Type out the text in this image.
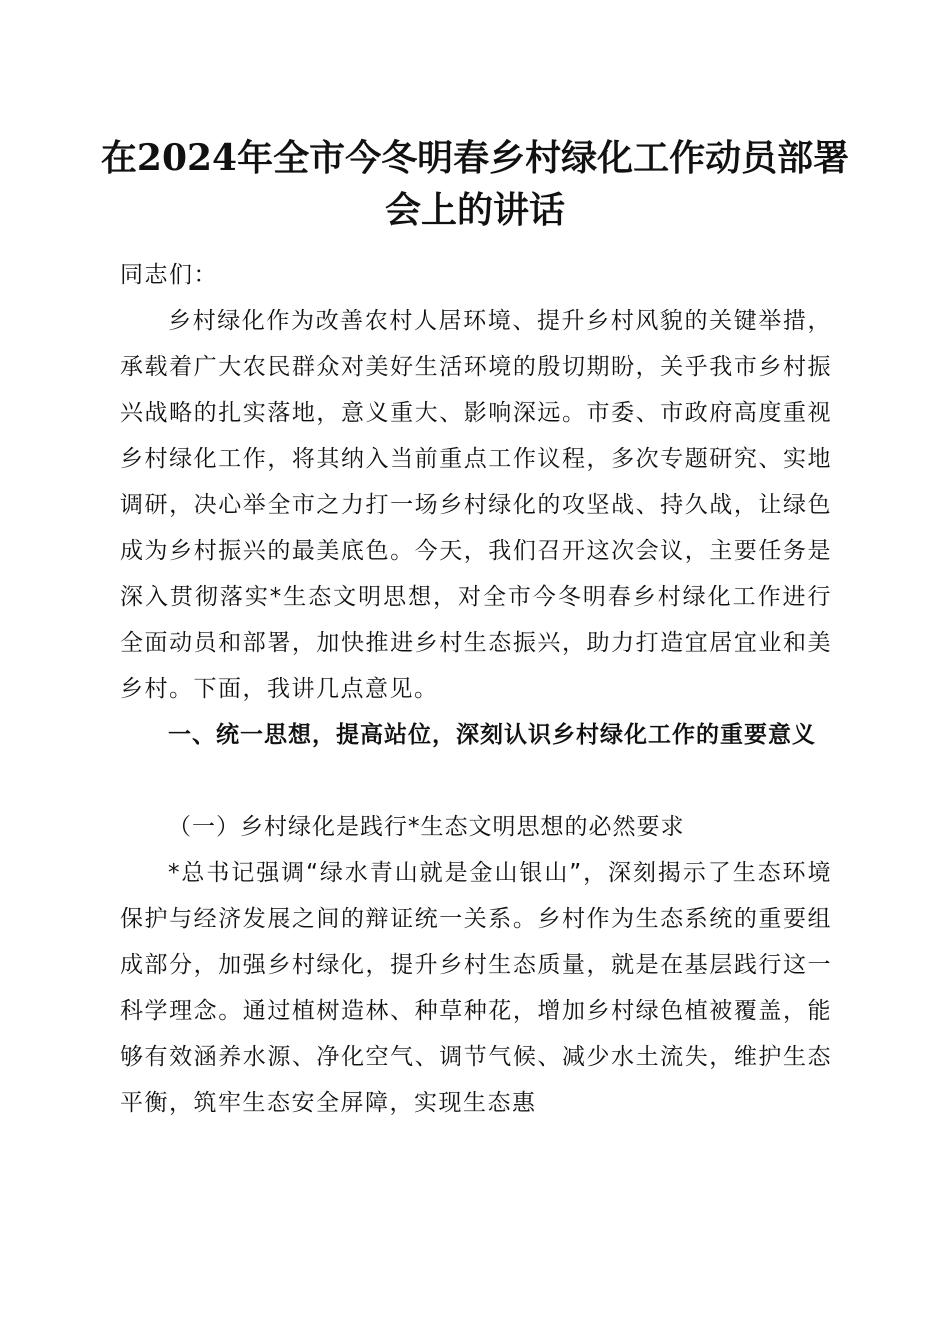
在2024年全市今冬明春乡村绿化工作动员部署会上的讲话

同志们：

乡村绿化作为改善农村人居环境、提升乡村风貌的关键举措，承载着广大农民群众对美好生活环境的殷切期盼，关乎我市乡村振兴战略的扎实落地，意义重大、影响深远。市委、市政府高度重视乡村绿化工作，将其纳入当前重点工作议程，多次专题研究、实地调研，决心举全市之力打一场乡村绿化的攻坚战、持久战，让绿色成为乡村振兴的最美底色。今天，我们召开这次会议，主要任务是深入贯彻落实*生态文明思想，对全市今冬明春乡村绿化工作进行全面动员和部署，加快推进乡村生态振兴，助力打造宜居宜业和美乡村。下面，我讲几点意见。

一、统一思想，提高站位，深刻认识乡村绿化工作的重要意义

（一）乡村绿化是践行*生态文明思想的必然要求

*总书记强调“绿水青山就是金山银山”，深刻揭示了生态环境保护与经济发展之间的辩证统一关系。乡村作为生态系统的重要组成部分，加强乡村绿化，提升乡村生态质量，就是在基层践行这一科学理念。通过植树造林、种草种花，增加乡村绿色植被覆盖，能够有效涵养水源、净化空气、调节气候、减少水土流失，维护生态平衡，筑牢生态安全屏障，实现生态惠
